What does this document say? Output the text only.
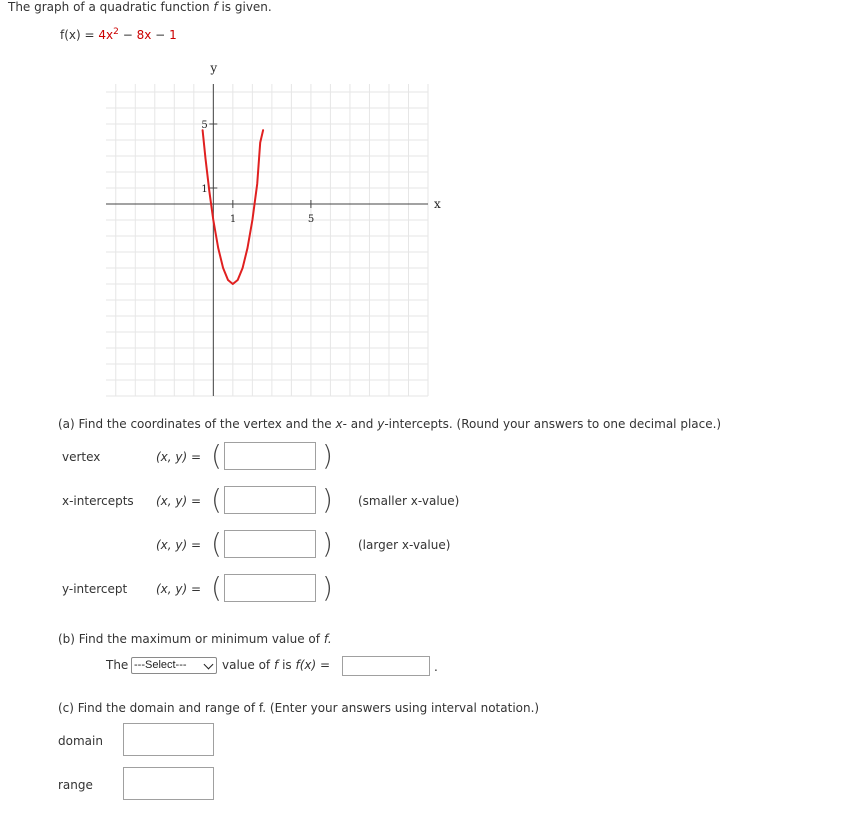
The graph of a quadratic function f is given.
$f(x) = 4x^2 - 8x - 1$
x
y
1	5
1
5
(a) Find the coordinates of the vertex and the x- and y-intercepts. (Round your answers to one decimal place.)
vertex	(x, y) = (	)
x-intercepts (x, y) = (	) (smaller x-value)
(x, y) = (	) (larger x-value)
y-intercept (x, y) = (	)
(b) Find the maximum or minimum value of f.
The ---Select---	value of f is f(x) =	.
(c) Find the domain and range of f. (Enter your answers using interval notation.)
domain
range
